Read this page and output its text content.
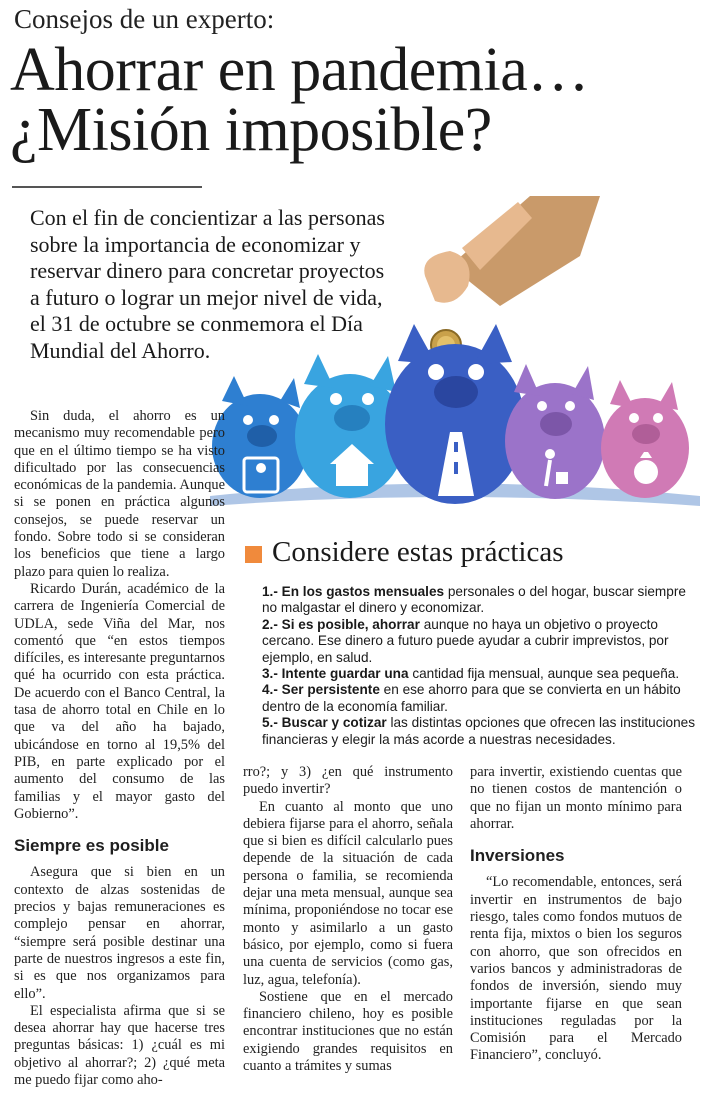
Consejos de un experto:
Ahorrar en pandemia…
¿Misión imposible?
Con el fin de concientizar a las personas sobre la importancia de economizar y reservar dinero para concretar proyectos a futuro o lograr un mejor nivel de vida, el 31 de octubre se conmemora el Día Mundial del Ahorro.

Sin duda, el ahorro es un mecanismo muy recomendable pero que en el último tiempo se ha visto dificultado por las consecuencias económicas de la pandemia. Aunque si se ponen en práctica algunos consejos, se puede reservar un fondo. Sobre todo si se consideran los beneficios que tiene a largo plazo para quien lo realiza.

Ricardo Durán, académico de la carrera de Ingeniería Comercial de UDLA, sede Viña del Mar, nos comentó que “en estos tiempos difíciles, es interesante preguntarnos qué ha ocurrido con esta práctica. De acuerdo con el Banco Central, la tasa de ahorro total en Chile en lo que va del año ha bajado, ubicándose en torno al 19,5% del PIB, en parte explicado por el aumento del consumo de las familias y el mayor gasto del Gobierno”.

Siempre es posible

Asegura que si bien en un contexto de alzas sostenidas de precios y bajas remuneraciones es complejo pensar en ahorrar, “siempre será posible destinar una parte de nuestros ingresos a este fin, si es que nos organizamos para ello”.

El especialista afirma que si se desea ahorrar hay que hacerse tres preguntas básicas: 1) ¿cuál es mi objetivo al ahorrar?; 2) ¿qué meta me puedo fijar como aho-

rro?; y 3) ¿en qué instrumento puedo invertir?

En cuanto al monto que uno debiera fijarse para el ahorro, señala que si bien es difícil calcularlo pues depende de la situación de cada persona o familia, se recomienda dejar una meta mensual, aunque sea mínima, proponiéndose no tocar ese monto y asimilarlo a un gasto básico, por ejemplo, como si fuera una cuenta de servicios (como gas, luz, agua, telefonía).

Sostiene que en el mercado financiero chileno, hoy es posible encontrar instituciones que no están exigiendo grandes requisitos en cuanto a trámites y sumas

para invertir, existiendo cuentas que no tienen costos de mantención o que no fijan un monto mínimo para ahorrar.

Inversiones

“Lo recomendable, entonces, será invertir en instrumentos de bajo riesgo, tales como fondos mutuos de renta fija, mixtos o bien los seguros con ahorro, que son ofrecidos en varios bancos y administradoras de fondos de inversión, siendo muy importante fijarse en que sean instituciones reguladas por la Comisión para el Mercado Financiero”, concluyó.

Considere estas prácticas
1.- En los gastos mensuales personales o del hogar, buscar siempre no malgastar el dinero y economizar.
2.- Si es posible, ahorrar aunque no haya un objetivo o proyecto cercano. Ese dinero a futuro puede ayudar a cubrir imprevistos, por ejemplo, en salud.
3.- Intente guardar una cantidad fija mensual, aunque sea pequeña.
4.- Ser persistente en ese ahorro para que se convierta en un hábito dentro de la economía familiar.
5.- Buscar y cotizar las distintas opciones que ofrecen las instituciones financieras y elegir la más acorde a nuestras necesidades.
